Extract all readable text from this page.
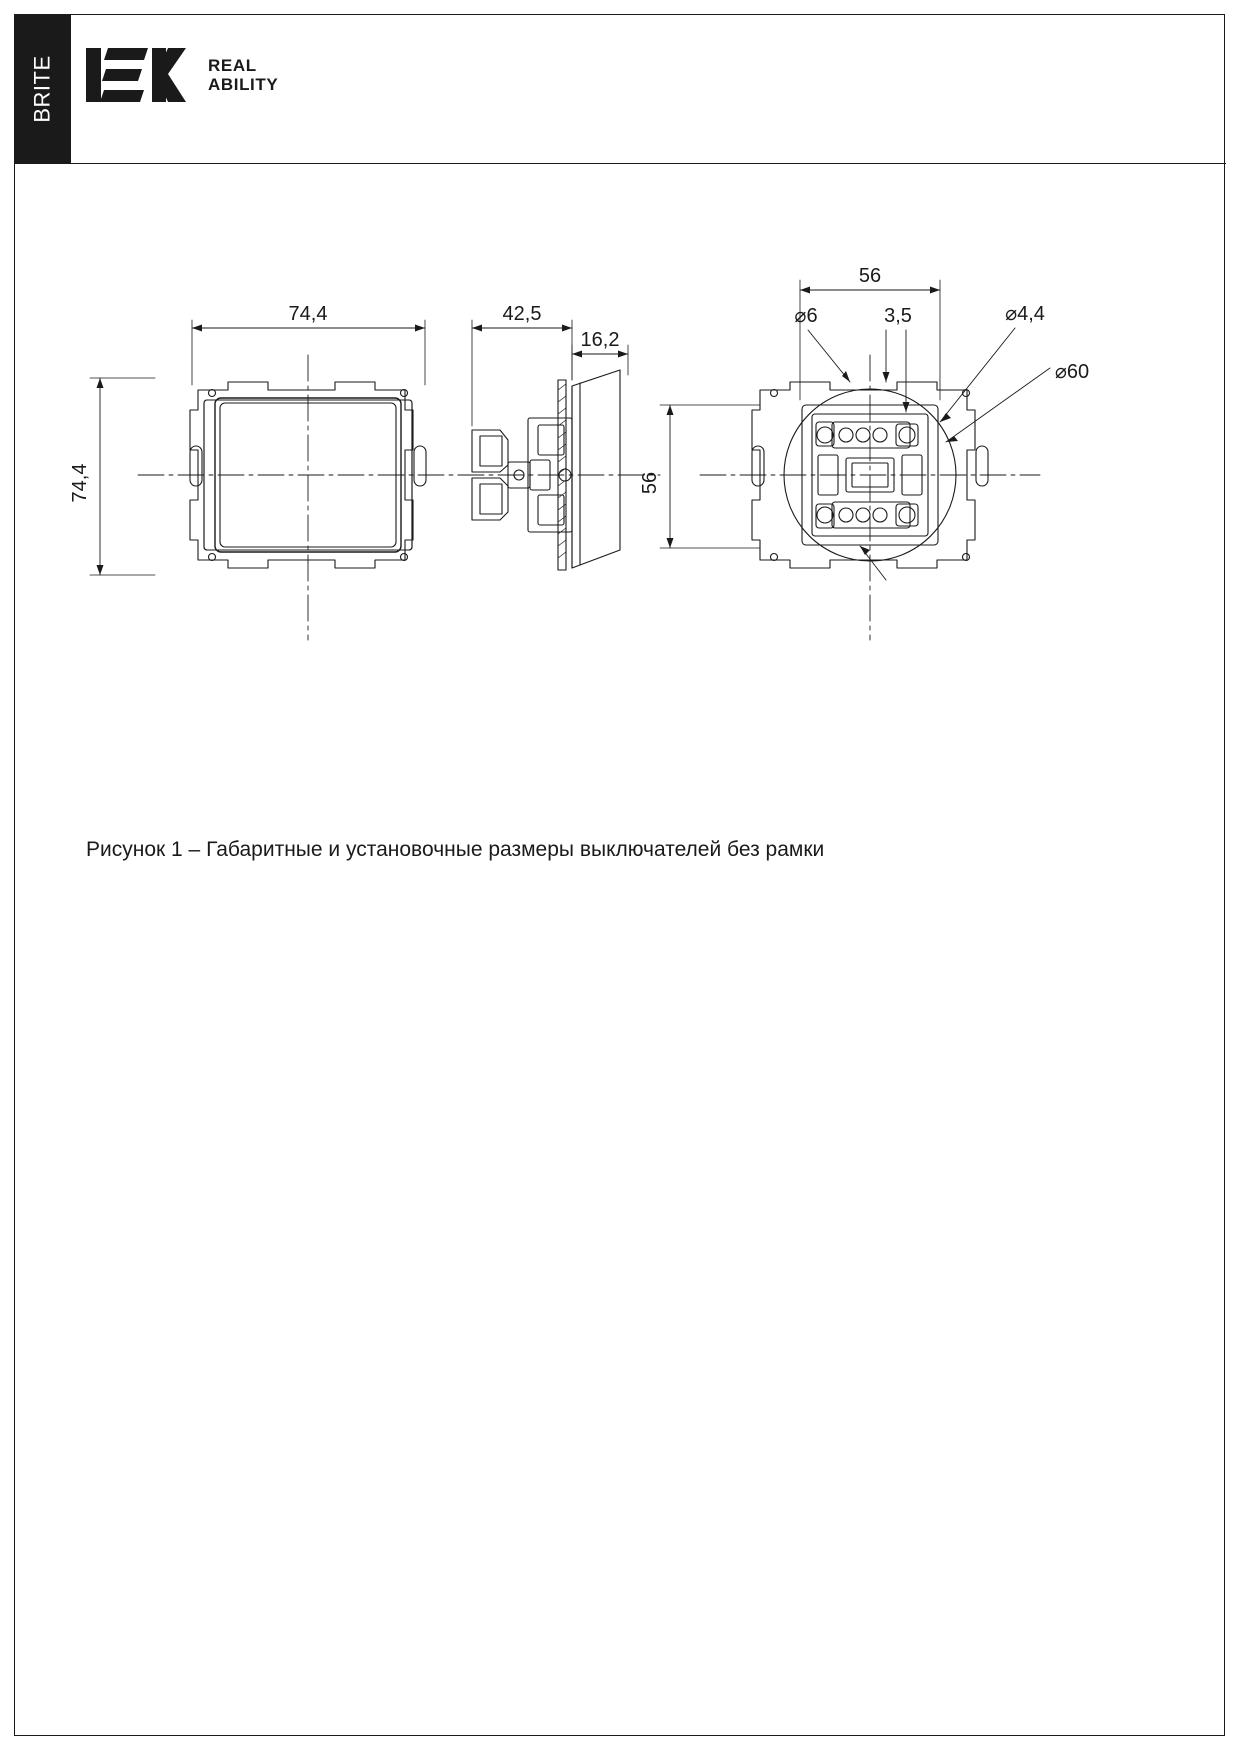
BRITE	REAL
ABILITY
74,4
74,4
42,5
16,2
56
56
⌀6	3,5	⌀4,4
⌀60
Рисунок 1 – Габаритные и установочные размеры выключателей без рамки
